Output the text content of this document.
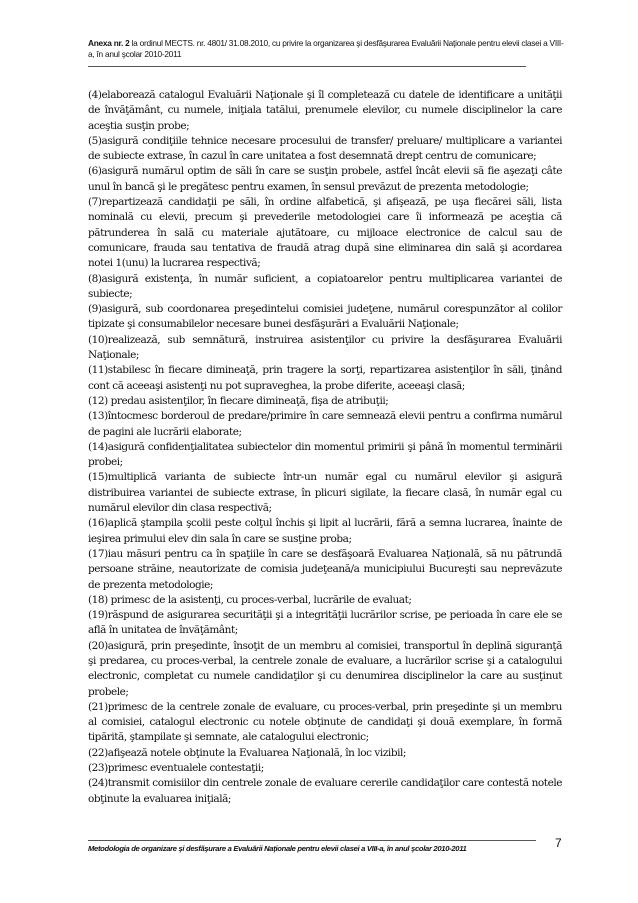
Anexa nr. 2 la ordinul MECTS. nr. 4801/ 31.08.2010, cu privire la organizarea şi desfăşurarea Evaluării Naţionale pentru elevii clasei a VIII-a, în anul şcolar 2010-2011

(4)elaborează catalogul Evaluării Naţionale şi îl completează cu datele de identificare a unităţii de învăţământ, cu numele, iniţiala tatălui, prenumele elevilor, cu numele disciplinelor la care aceştia susţin probe;

(5)asigură condiţiile tehnice necesare procesului de transfer/ preluare/ multiplicare a variantei de subiecte extrase, în cazul în care unitatea a fost desemnată drept centru de comunicare;

(6)asigură numărul optim de săli în care se susţin probele, astfel încât elevii să fie aşezaţi câte unul în bancă şi le pregătesc pentru examen, în sensul prevăzut de prezenta metodologie;

(7)repartizează candidaţii pe săli, în ordine alfabetică, şi afişează, pe uşa fiecărei săli, lista nominală cu elevii, precum şi prevederile metodologiei care îi informează pe aceştia că pătrunderea în sală cu materiale ajutătoare, cu mijloace electronice de calcul sau de comunicare, frauda sau tentativa de fraudă atrag după sine eliminarea din sală şi acordarea notei 1(unu) la lucrarea respectivă;

(8)asigură existenţa, în număr suficient, a copiatoarelor pentru multiplicarea variantei de subiecte;

(9)asigură, sub coordonarea preşedintelui comisiei judeţene, numărul corespunzător al colilor tipizate şi consumabilelor necesare bunei desfăşurări a Evaluării Naţionale;

(10)realizează, sub semnătură, instruirea asistenţilor cu privire la desfăşurarea Evaluării Naţionale;

(11)stabilesc în fiecare dimineaţă, prin tragere la sorţi, repartizarea asistenţilor în săli, ţinând cont că aceeaşi asistenţi nu pot supraveghea, la probe diferite, aceeaşi clasă;

(12) predau asistenţilor, în fiecare dimineaţă, fişa de atribuţii;

(13)întocmesc borderoul de predare/primire în care semnează elevii pentru a confirma numărul de pagini ale lucrării elaborate;

(14)asigură confidenţialitatea subiectelor din momentul primirii şi până în momentul terminării probei;

(15)multiplică varianta de subiecte într-un număr egal cu numărul elevilor şi asigură distribuirea variantei de subiecte extrase, în plicuri sigilate, la fiecare clasă, în număr egal cu numărul elevilor din clasa respectivă;

(16)aplică ştampila şcolii peste colţul închis şi lipit al lucrării, fără a semna lucrarea, înainte de ieşirea primului elev din sala în care se susţine proba;

(17)iau măsuri pentru ca în spaţiile în care se desfăşoară Evaluarea Naţională, să nu pătrundă persoane străine, neautorizate de comisia judeţeană/a municipiului Bucureşti sau neprevăzute de prezenta metodologie;

(18) primesc de la asistenţi, cu proces-verbal, lucrările de evaluat;

(19)răspund de asigurarea securităţii şi a integrităţii lucrărilor scrise, pe perioada în care ele se află în unitatea de învăţământ;

(20)asigură, prin preşedinte, însoţit de un membru al comisiei, transportul în deplină siguranţă şi predarea, cu proces-verbal, la centrele zonale de evaluare, a lucrărilor scrise şi a catalogului electronic, completat cu numele candidaţilor şi cu denumirea disciplinelor la care au susţinut probele;

(21)primesc de la centrele zonale de evaluare, cu proces-verbal, prin preşedinte şi un membru al comisiei, catalogul electronic cu notele obţinute de candidaţi şi două exemplare, în formă tipărită, ştampilate şi semnate, ale catalogului electronic;

(22)afişează notele obţinute la Evaluarea Naţională, în loc vizibil;

(23)primesc eventualele contestaţii;

(24)transmit comisiilor din centrele zonale de evaluare cererile candidaţilor care contestă notele obţinute la evaluarea iniţială;

Metodologia de organizare şi desfăşurare a Evaluării Naţionale pentru elevii clasei a VIII-a, în anul şcolar 2010-2011	7
